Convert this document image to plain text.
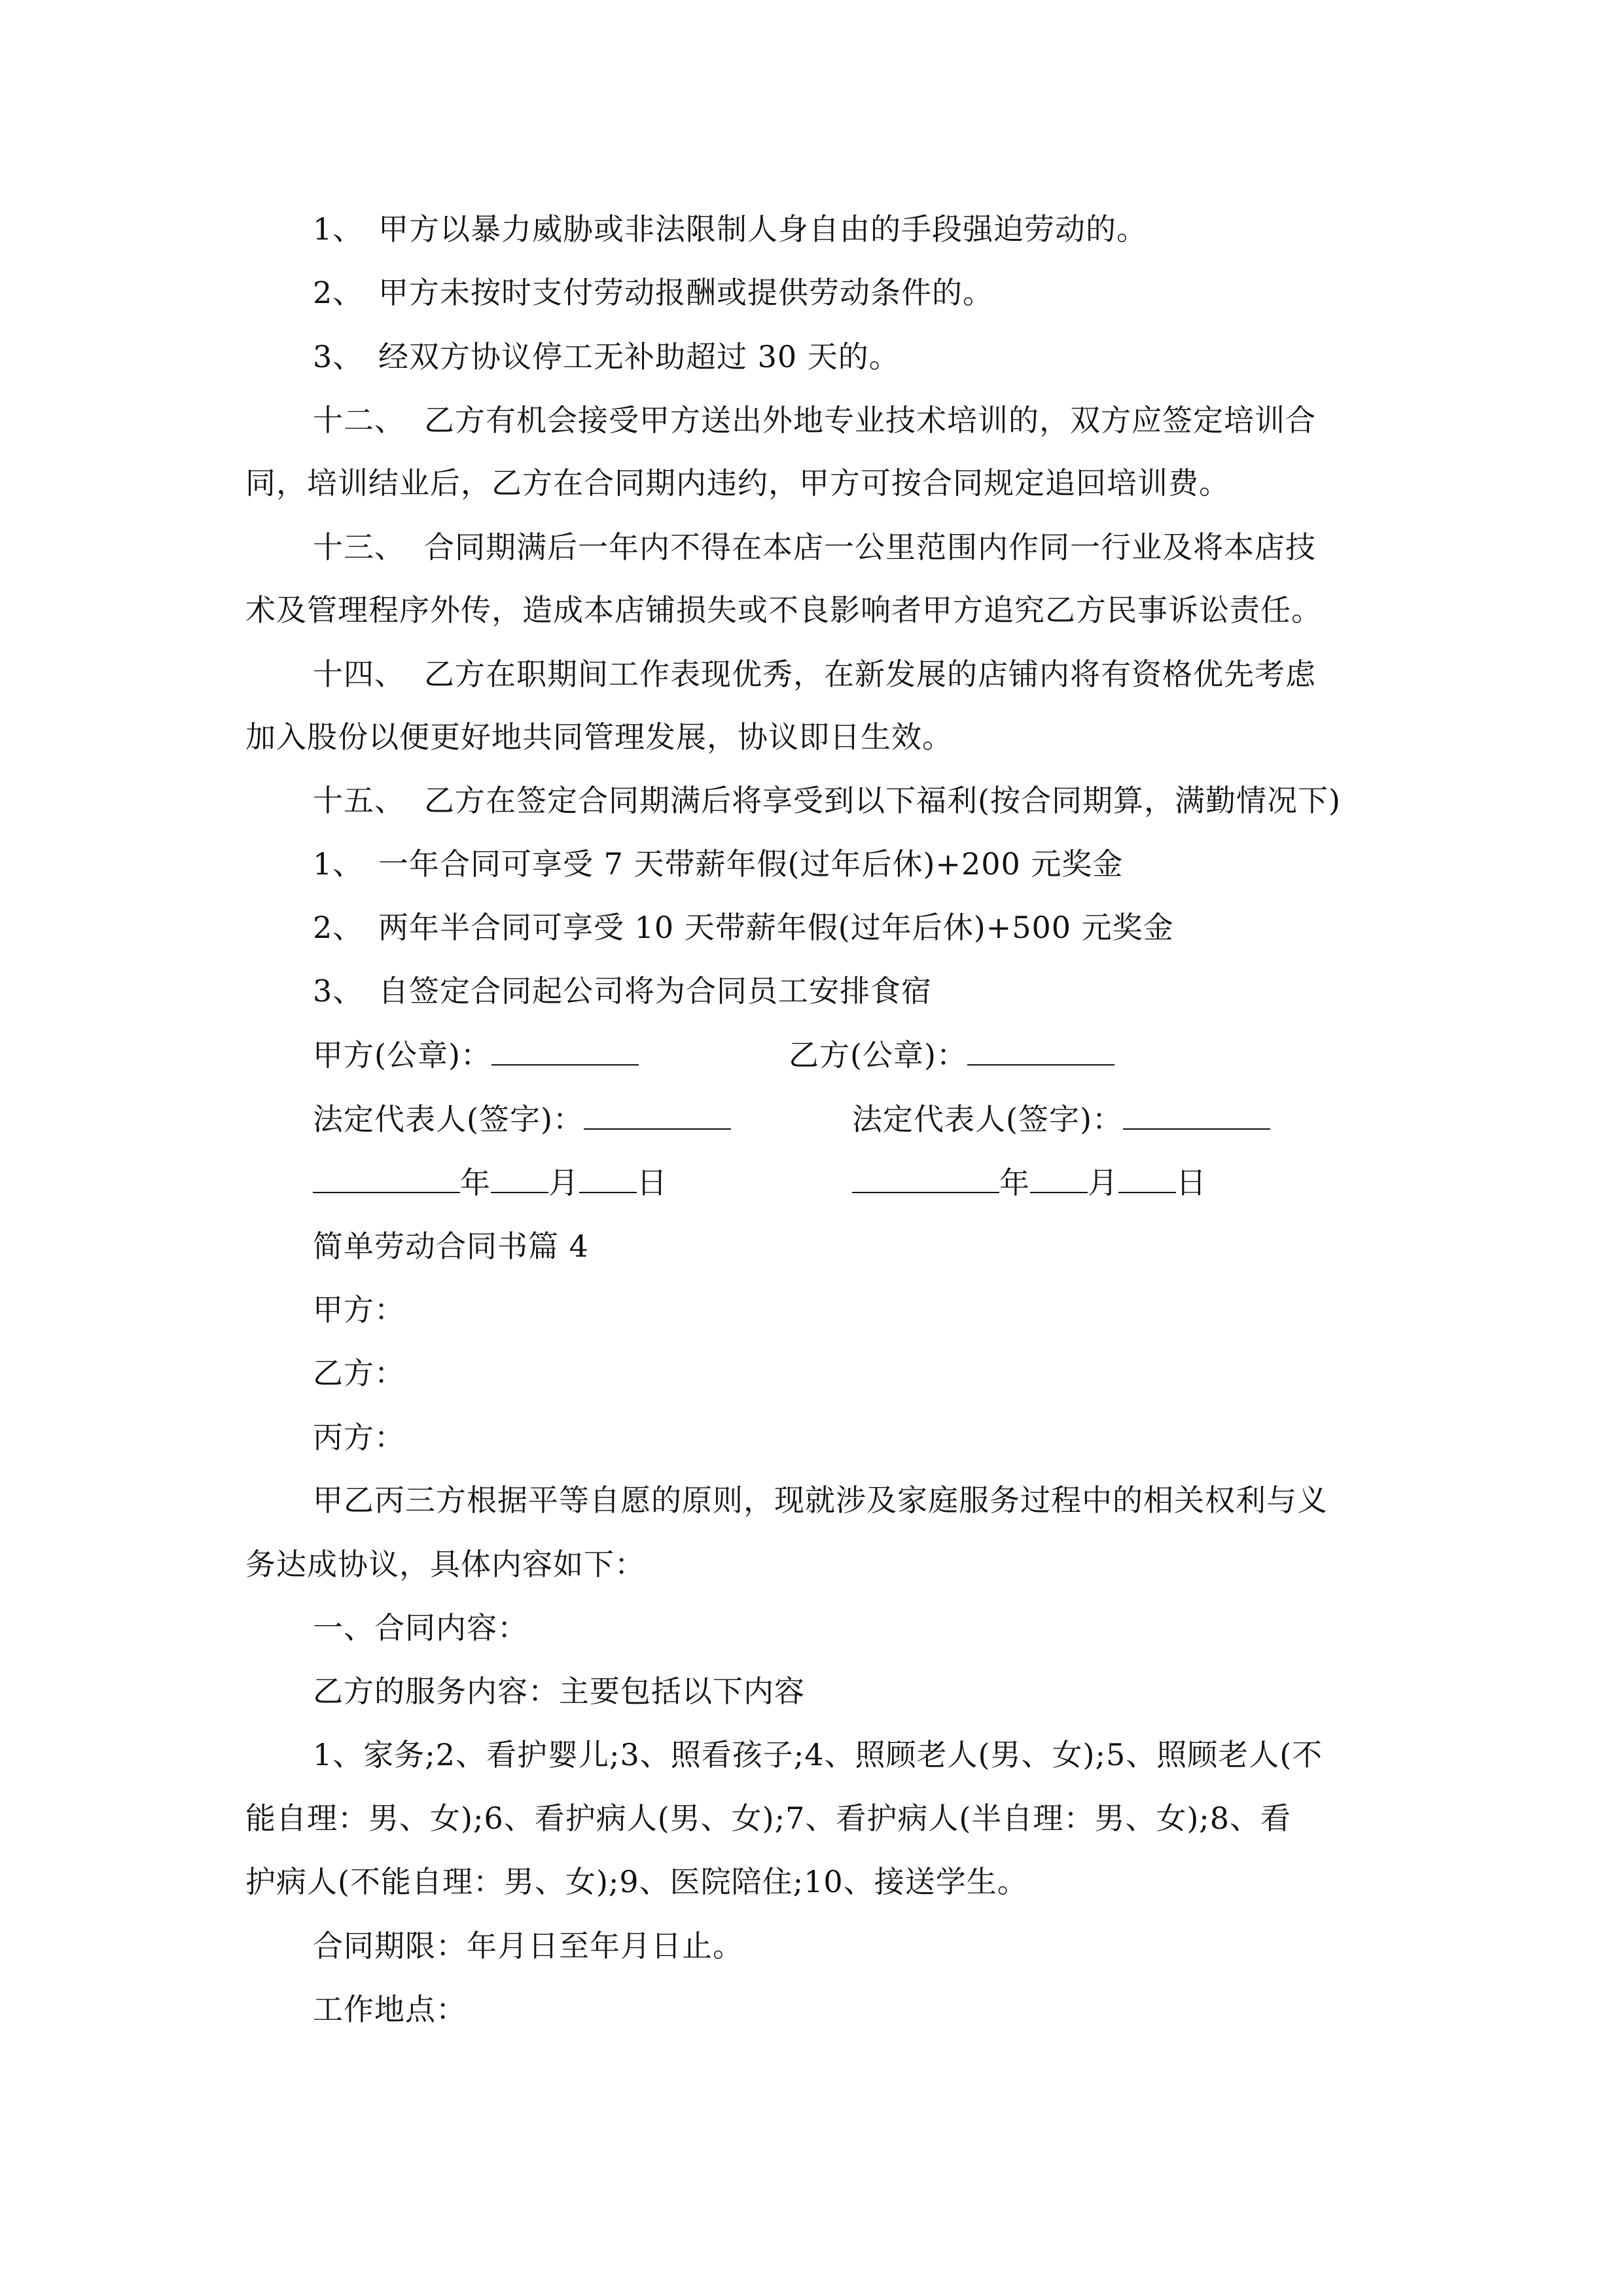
1、 甲方以暴力威胁或非法限制人身自由的手段强迫劳动的。
2、 甲方未按时支付劳动报酬或提供劳动条件的。
3、 经双方协议停工无补助超过 30 天的。
十二、 乙方有机会接受甲方送出外地专业技术培训的，双方应签定培训合
同，培训结业后，乙方在合同期内违约，甲方可按合同规定追回培训费。
十三、 合同期满后一年内不得在本店一公里范围内作同一行业及将本店技
术及管理程序外传，造成本店铺损失或不良影响者甲方追究乙方民事诉讼责任。
十四、 乙方在职期间工作表现优秀，在新发展的店铺内将有资格优先考虑
加入股份以便更好地共同管理发展，协议即日生效。
十五、 乙方在签定合同期满后将享受到以下福利(按合同期算，满勤情况下)
1、 一年合同可享受 7 天带薪年假(过年后休)+200 元奖金
2、 两年半合同可享受 10 天带薪年假(过年后休)+500 元奖金
3、 自签定合同起公司将为合同员工安排食宿
甲方(公章)：	乙方(公章)：
法定代表人(签字)：	法定代表人(签字)：
年 月 日	年 月 日
简单劳动合同书篇 4
甲方：
乙方：
丙方：
甲乙丙三方根据平等自愿的原则，现就涉及家庭服务过程中的相关权利与义
务达成协议，具体内容如下：
一、合同内容：
乙方的服务内容：主要包括以下内容
1、家务;2、看护婴儿;3、照看孩子;4、照顾老人(男、女);5、照顾老人(不
能自理：男、女);6、看护病人(男、女);7、看护病人(半自理：男、女);8、看
护病人(不能自理：男、女);9、医院陪住;10、接送学生。
合同期限：年月日至年月日止。
工作地点：
